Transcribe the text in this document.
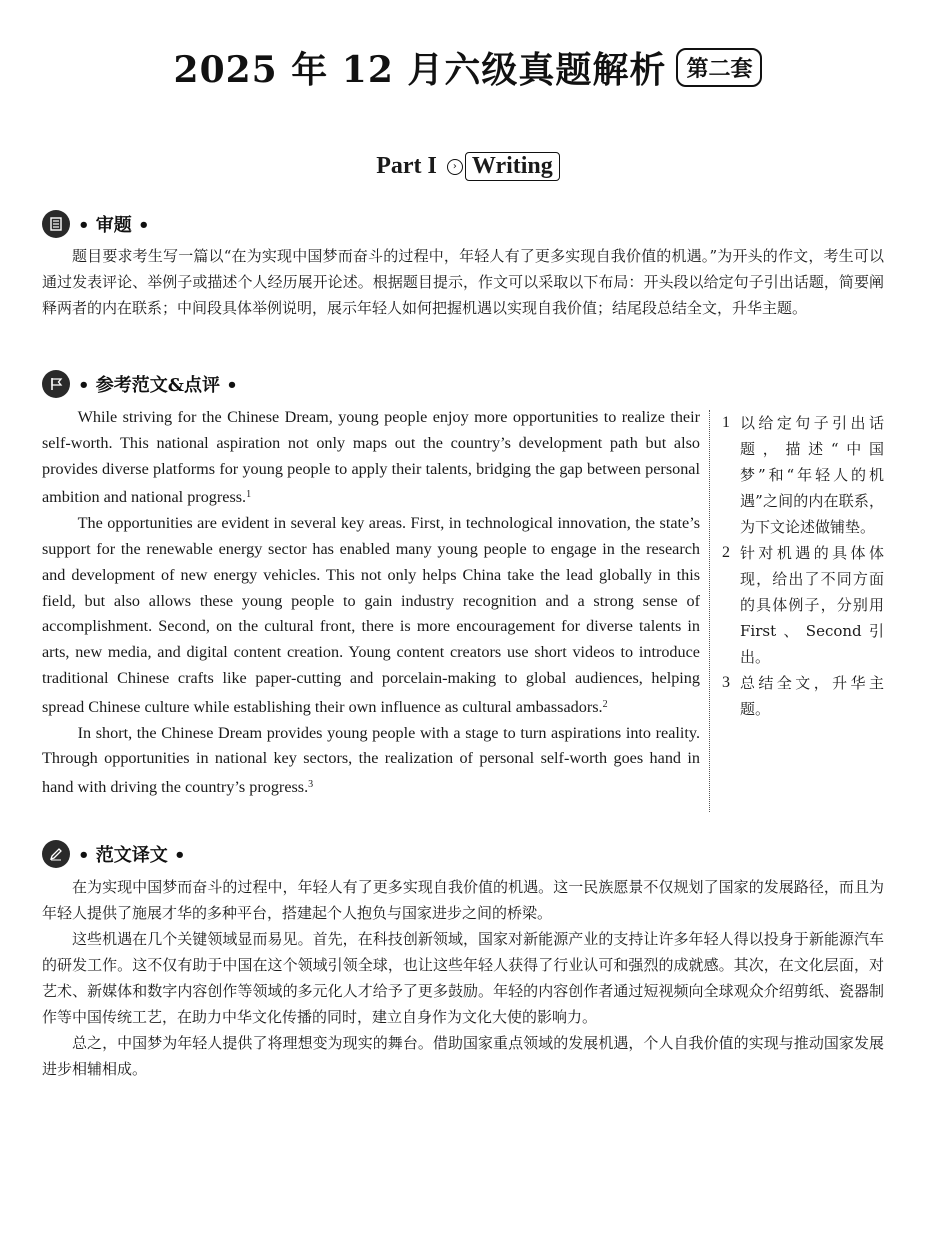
2025 年 12 月六级真题解析 第二套
Part I	› Writing
• 审题 •

题目要求考生写一篇以“在为实现中国梦而奋斗的过程中，年轻人有了更多实现自我价值的机遇。”为开头的作文，考生可以通过发表评论、举例子或描述个人经历展开论述。根据题目提示，作文可以采取以下布局：开头段以给定句子引出话题，简要阐释两者的内在联系；中间段具体举例说明，展示年轻人如何把握机遇以实现自我价值；结尾段总结全文，升华主题。

• 参考范文&点评 •

While striving for the Chinese Dream, young people enjoy more opportunities to realize their self-worth. This national aspiration not only maps out the country’s development path but also provides diverse platforms for young people to apply their talents, bridging the gap between personal ambition and national progress.$^1$

The opportunities are evident in several key areas. First, in technological innovation, the state’s support for the renewable energy sector has enabled many young people to engage in the research and development of new energy vehicles. This not only helps China take the lead globally in this field, but also allows these young people to gain industry recognition and a strong sense of accomplishment. Second, on the cultural front, there is more encouragement for diverse talents in arts, new media, and digital content creation. Young content creators use short videos to introduce traditional Chinese crafts like paper-cutting and porcelain-making to global audiences, helping spread Chinese culture while establishing their own influence as cultural ambassadors.$^2$

In short, the Chinese Dream provides young people with a stage to turn aspirations into reality. Through opportunities in national key sectors, the realization of personal self-worth goes hand in hand with driving the country’s progress.$^3$

1 以给定句子引出话题，描述“中国梦”和“年轻人的机遇”之间的内在联系，为下文论述做铺垫。
2 针对机遇的具体体现，给出了不同方面的具体例子，分别用First、Second引出。
3 总结全文，升华主题。
• 范文译文 •

在为实现中国梦而奋斗的过程中，年轻人有了更多实现自我价值的机遇。这一民族愿景不仅规划了国家的发展路径，而且为年轻人提供了施展才华的多种平台，搭建起个人抱负与国家进步之间的桥梁。

这些机遇在几个关键领域显而易见。首先，在科技创新领域，国家对新能源产业的支持让许多年轻人得以投身于新能源汽车的研发工作。这不仅有助于中国在这个领域引领全球，也让这些年轻人获得了行业认可和强烈的成就感。其次，在文化层面，对艺术、新媒体和数字内容创作等领域的多元化人才给予了更多鼓励。年轻的内容创作者通过短视频向全球观众介绍剪纸、瓷器制作等中国传统工艺，在助力中华文化传播的同时，建立自身作为文化大使的影响力。

总之，中国梦为年轻人提供了将理想变为现实的舞台。借助国家重点领域的发展机遇，个人自我价值的实现与推动国家发展进步相辅相成。
